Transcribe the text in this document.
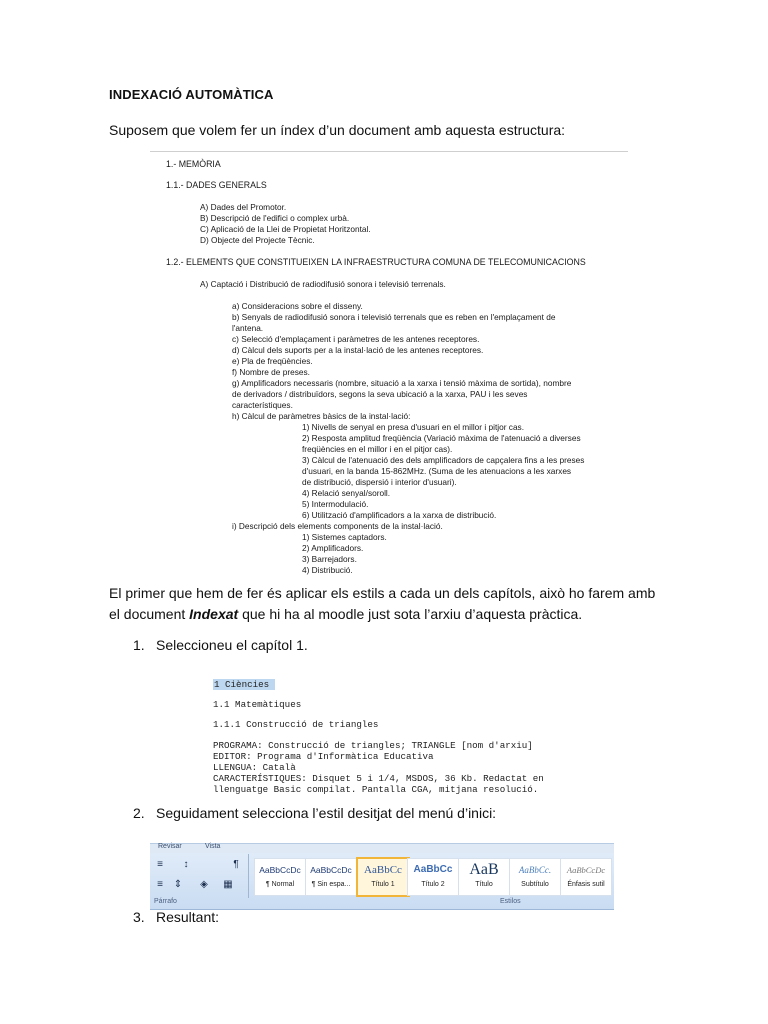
INDEXACIÓ AUTOMÀTICA
Suposem que volem fer un índex d’un document amb aquesta estructura:
1.- MEMÒRIA
1.1.- DADES GENERALS
A) Dades del Promotor.
B) Descripció de l'edifici o complex urbà.
C) Aplicació de la Llei de Propietat Horitzontal.
D) Objecte del Projecte Tècnic.
1.2.- ELEMENTS QUE CONSTITUEIXEN LA INFRAESTRUCTURA COMUNA DE TELECOMUNICACIONS
A) Captació i Distribució de radiodifusió sonora i televisió terrenals.
a) Consideracions sobre el disseny.
b) Senyals de radiodifusió sonora i televisió terrenals que es reben en l'emplaçament de
l'antena.
c) Selecció d'emplaçament i paràmetres de les antenes receptores.
d) Càlcul dels suports per a la instal·lació de les antenes receptores.
e) Pla de freqüències.
f) Nombre de preses.
g) Amplificadors necessaris (nombre, situació a la xarxa i tensió màxima de sortida), nombre
de derivadors / distribuïdors, segons la seva ubicació a la xarxa, PAU i les seves
característiques.
h) Càlcul de paràmetres bàsics de la instal·lació:
1) Nivells de senyal en presa d'usuari en el millor i pitjor cas.
2) Resposta amplitud freqüència (Variació màxima de l'atenuació a diverses
freqüències en el millor i en el pitjor cas).
3) Càlcul de l'atenuació des dels amplificadors de capçalera fins a les preses
d'usuari, en la banda 15-862MHz. (Suma de les atenuacions a les xarxes
de distribució, dispersió i interior d'usuari).
4) Relació senyal/soroll.
5) Intermodulació.
6) Utilització d'amplificadors a la xarxa de distribució.
i) Descripció dels elements components de la instal·lació.
1) Sistemes captadors.
2) Amplificadors.
3) Barrejadors.
4) Distribució.
El primer que hem de fer és aplicar els estils a cada un dels capítols, això ho farem amb el document Indexat que hi ha al moodle just sota l’arxiu d’aquesta pràctica.
1. Seleccioneu el capítol 1.
1 Ciències
1.1 Matemàtiques
1.1.1 Construcció de triangles
PROGRAMA: Construcció de triangles; TRIANGLE [nom d'arxiu]
EDITOR: Programa d'Informàtica Educativa
LLENGUA: Català
CARACTERÍSTIQUES: Disquet 5 i 1/4, MSDOS, 36 Kb. Redactat en
llenguatge Basic compilat. Pantalla CGA, mitjana resolució.
2. Seguidament selecciona l’estil desitjat del menú d’inici:
Revisar	Vista
≡	↕	¶
≡	⇕	◈	▦
AaBbCcDc
¶ Normal
AaBbCcDc
¶ Sin espa...
AaBbCc
Título 1
AaBbCc
Título 2
AaB
Título
AaBbCc.
Subtítulo
AaBbCcDc
Énfasis sutil
Párrafo	Estilos
3. Resultant:
